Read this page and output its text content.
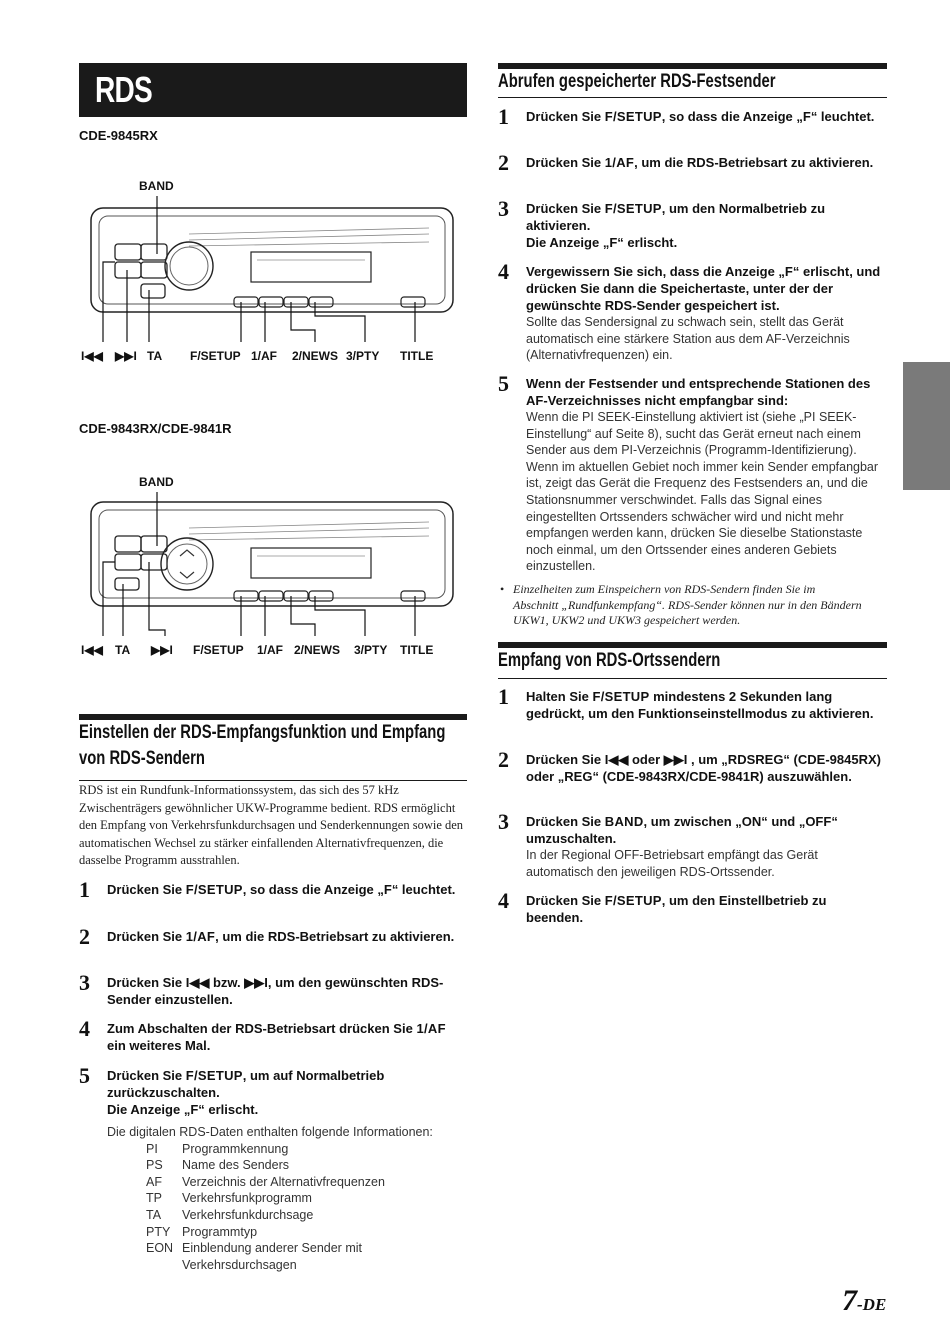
RDS
CDE-9845RX
BAND
I◀◀ ▶▶I TA F/SETUP 1/AF 2/NEWS 3/PTY TITLE
CDE-9843RX/CDE-9841R
BAND
I◀◀ TA ▶▶I F/SETUP 1/AF 2/NEWS 3/PTY TITLE
Einstellen der RDS-Empfangsfunktion und Empfang von RDS-Sendern
RDS ist ein Rundfunk-Informationssystem, das sich des 57 kHz Zwischenträgers gewöhnlicher UKW-Programme bedient. RDS ermöglicht den Empfang von Verkehrsfunkdurchsagen und Senderkennungen sowie den automatischen Wechsel zu stärker einfallenden Alternativfrequenzen, die dasselbe Programm ausstrahlen.
1 Drücken Sie F/SETUP, so dass die Anzeige „F“ leuchtet.
2 Drücken Sie 1/AF, um die RDS-Betriebsart zu aktivieren.
3 Drücken Sie I◀◀ bzw. ▶▶I, um den gewünschten RDS-Sender einzustellen.
4 Zum Abschalten der RDS-Betriebsart drücken Sie 1/AF ein weiteres Mal.
5 Drücken Sie F/SETUP, um auf Normalbetrieb zurückzuschalten.
Die Anzeige „F“ erlischt.
Die digitalen RDS-Daten enthalten folgende Informationen:
PI Programmkennung
PS Name des Senders
AF Verzeichnis der Alternativfrequenzen
TP Verkehrsfunkprogramm
TA Verkehrsfunkdurchsage
PTY Programmtyp
EON Einblendung anderer Sender mit
Verkehrsdurchsagen
Abrufen gespeicherter RDS-Festsender
1 Drücken Sie F/SETUP, so dass die Anzeige „F“ leuchtet.
2 Drücken Sie 1/AF, um die RDS-Betriebsart zu aktivieren.
3 Drücken Sie F/SETUP, um den Normalbetrieb zu aktivieren.
Die Anzeige „F“ erlischt.
4 Vergewissern Sie sich, dass die Anzeige „F“ erlischt, und drücken Sie dann die Speichertaste, unter der der gewünschte RDS-Sender gespeichert ist.
Sollte das Sendersignal zu schwach sein, stellt das Gerät automatisch eine stärkere Station aus dem AF-Verzeichnis (Alternativfrequenzen) ein.
5 Wenn der Festsender und entsprechende Stationen des AF-Verzeichnisses nicht empfangbar sind:
Wenn die PI SEEK-Einstellung aktiviert ist (siehe „PI SEEK-Einstellung“ auf Seite 8), sucht das Gerät erneut nach einem Sender aus dem PI-Verzeichnis (Programm-Identifizierung). Wenn im aktuellen Gebiet noch immer kein Sender empfangbar ist, zeigt das Gerät die Frequenz des Festsenders an, und die Stationsnummer verschwindet. Falls das Signal eines eingestellten Ortssenders schwächer wird und nicht mehr empfangen werden kann, drücken Sie dieselbe Stationstaste noch einmal, um den Ortssender eines anderen Gebiets einzustellen.
• Einzelheiten zum Einspeichern von RDS-Sendern finden Sie im Abschnitt „Rundfunkempfang“. RDS-Sender können nur in den Bändern UKW1, UKW2 und UKW3 gespeichert werden.
Empfang von RDS-Ortssendern
1 Halten Sie F/SETUP mindestens 2 Sekunden lang gedrückt, um den Funktionseinstellmodus zu aktivieren.
2 Drücken Sie I◀◀ oder ▶▶I , um „RDSREG“ (CDE-9845RX) oder „REG“ (CDE-9843RX/CDE-9841R) auszuwählen.
3 Drücken Sie BAND, um zwischen „ON“ und „OFF“ umzuschalten.
In der Regional OFF-Betriebsart empfängt das Gerät automatisch den jeweiligen RDS-Ortssender.
4 Drücken Sie F/SETUP, um den Einstellbetrieb zu beenden.
7-DE
